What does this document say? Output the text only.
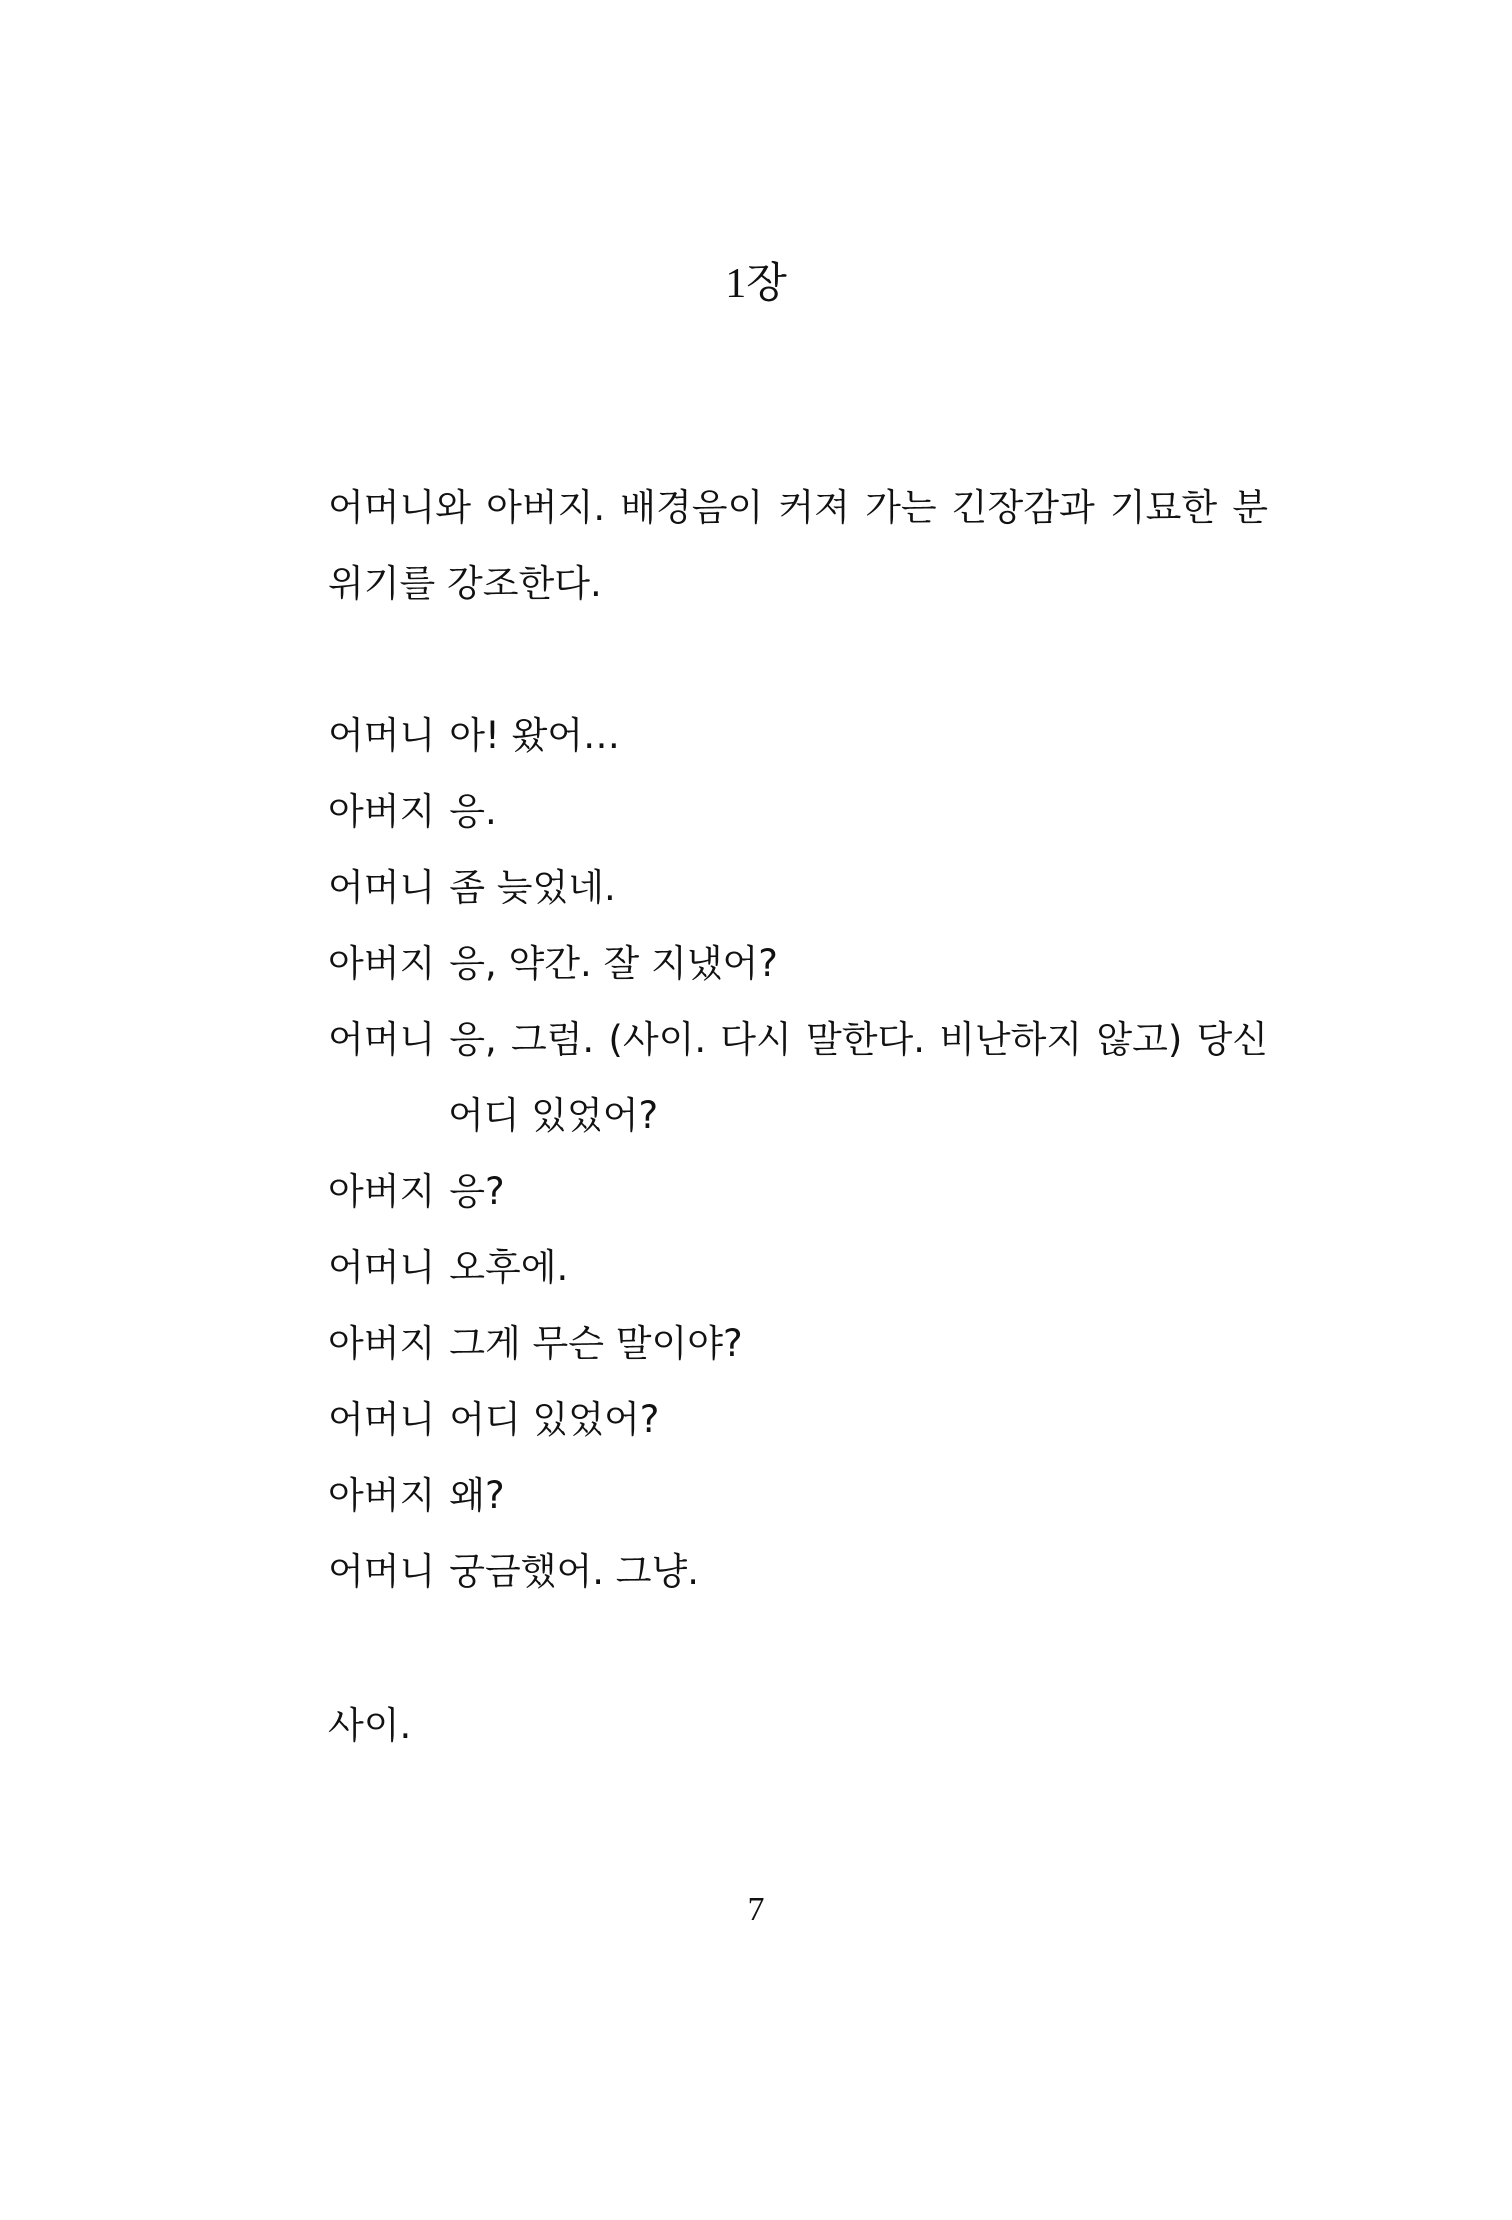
1장
어머니와 아버지. 배경음이 커져 가는 긴장감과 기묘한 분위기를 강조한다.
어머니 아! 왔어…
아버지 응.
어머니 좀 늦었네.
아버지 응, 약간. 잘 지냈어?
어머니 응, 그럼. (사이. 다시 말한다. 비난하지 않고) 당신 어디 있었어?
아버지 응?
어머니 오후에.
아버지 그게 무슨 말이야?
어머니 어디 있었어?
아버지 왜?
어머니 궁금했어. 그냥.
사이.
7
